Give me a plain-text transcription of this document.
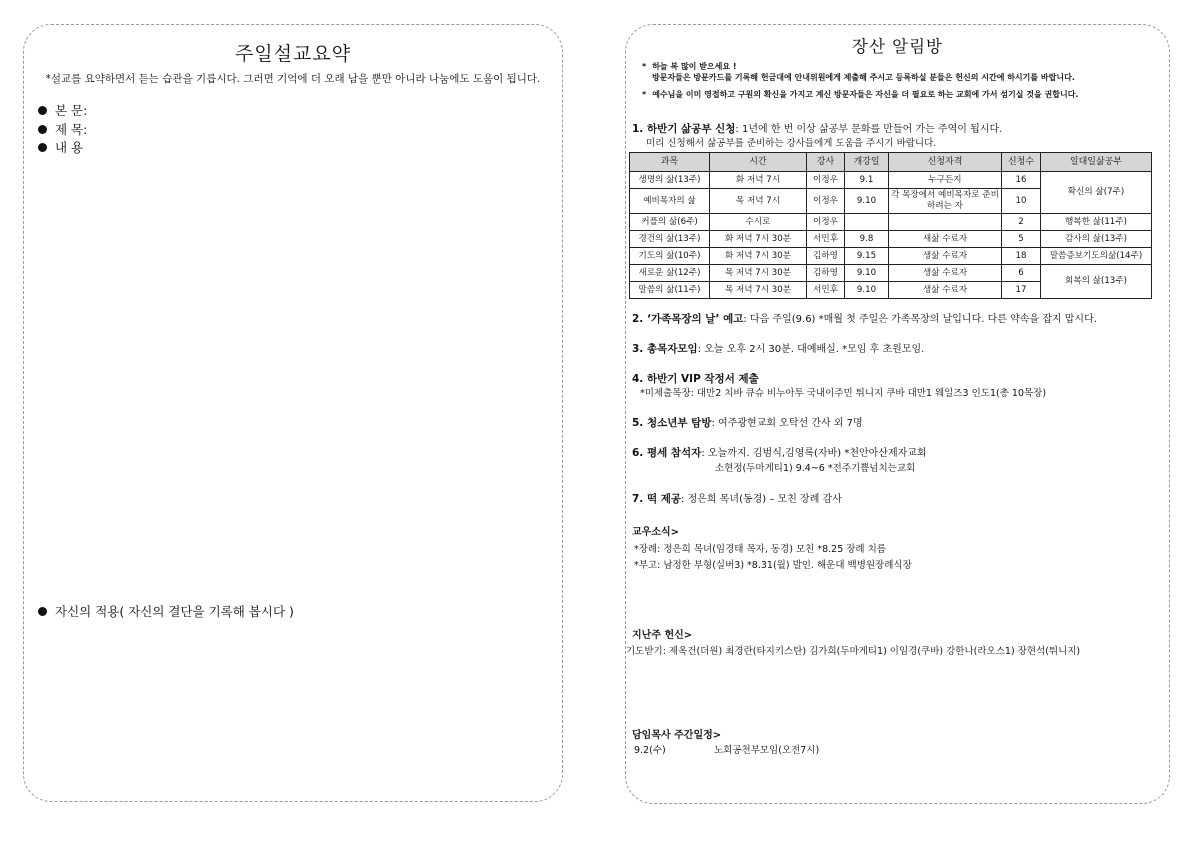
주일설교요약
*설교를 요약하면서 듣는 습관을 기릅시다. 그러면 기억에 더 오래 남을 뿐만 아니라 나눔에도 도움이 됩니다.
본 문:
제 목:
내 용
자신의 적용( 자신의 결단을 기록해 봅시다 )
장산 알림방
* 하늘 복 많이 받으세요 !
방문자들은 방문카드를 기록해 헌금대에 안내위원에게 제출해 주시고 등록하실 분들은 헌신의 시간에 하시기를 바랍니다.
* 예수님을 이미 영접하고 구원의 확신을 가지고 계신 방문자들은 자신을 더 필요로 하는 교회에 가서 섬기실 것을 권합니다.
1. 하반기 삶공부 신청: 1년에 한 번 이상 삶공부 문화를 만들어 가는 주역이 됩시다.
미리 신청해서 삶공부를 준비하는 강사들에게 도움을 주시기 바랍니다.
과목	시간	강사	개강일	신청자격	신청수	일대일삶공부
생명의 삶(13주)	화 저녁 7시	이정우	9.1	누구든지	16	확신의 삶(7주)
예비목자의 삶	목 저녁 7시	이정우	9.10	각 목장에서 예비목자로 준비하려는 자	10	
커플의 삶(6주)	수시로	이정우			2	행복한 삶(11주)
경건의 삶(13주)	화 저녁 7시 30분	서민후	9.8	새삶 수료자	5	감사의 삶(13주)
기도의 삶(10주)	화 저녁 7시 30분	김하영	9.15	생삶 수료자	18	말씀증보기도의삶(14주)
새로운 삶(12주)	목 저녁 7시 30분	김하영	9.10	생삶 수료자	6	회복의 삶(13주)
말씀의 삶(11주)	목 저녁 7시 30분	서민후	9.10	생삶 수료자	17	
2. ‘가족목장의 날’ 예고: 다음 주일(9.6) *매월 첫 주일은 가족목장의 날입니다. 다른 약속을 잡지 맙시다.
3. 총목자모임: 오늘 오후 2시 30분. 대예배실. *모임 후 초원모임.
4. 하반기 VIP 작정서 제출
*미제출목장: 대만2 치바 큐슈 비누아투 국내이주민 튀니지 쿠바 대만1 웨일즈3 인도1(총 10목장)
5. 청소년부 탐방: 여주광현교회 오탁선 간사 외 7명
6. 평세 참석자: 오늘까지. 김범식,김영록(자바) *천안아산제자교회
소현정(두마게티1) 9.4~6 *전주기쁨넘치는교회
7. 떡 제공: 정은희 목녀(동경) – 모친 장례 감사
교우소식>
*장례: 정은희 목녀(임경태 목자, 동경) 모친 *8.25 장례 치름
*부고: 남정한 부형(실버3) *8.31(월) 발인. 해운대 백병원장례식장
지난주 헌신>
기도받기: 제옥건(더원) 최경란(타지키스탄) 김가희(두마게티1) 이임경(쿠바) 강한나(라오스1) 장현석(튀니지)
담임목사 주간일정>
9.2(수)	노회공천부모임(오전7시)
